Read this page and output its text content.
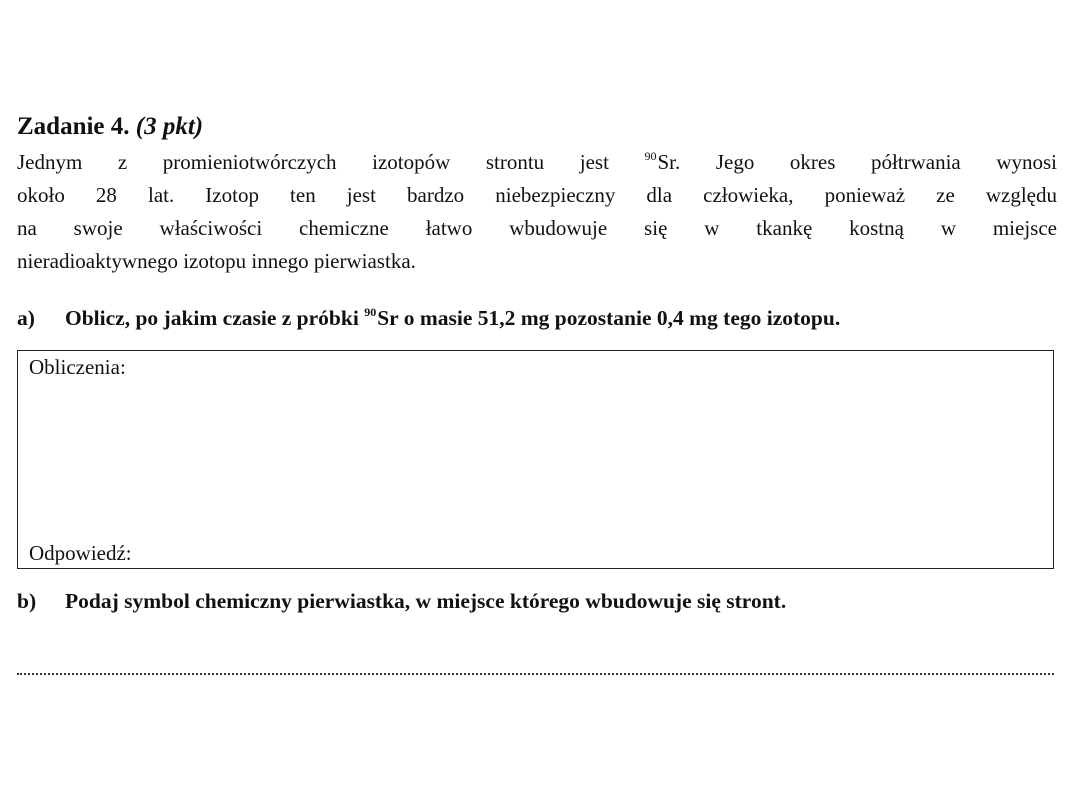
Zadanie 4. (3 pkt)
Jednym z promieniotwórczych izotopów strontu jest	$^{90}$Sr. Jego okres półtrwania wynosi
około 28 lat. Izotop ten jest bardzo niebezpieczny dla człowieka, ponieważ ze względu
na swoje właściwości chemiczne łatwo wbudowuje się w tkankę kostną w miejsce
nieradioaktywnego izotopu innego pierwiastka.
a)	Oblicz, po jakim czasie z próbki $^{90}$Sr o masie 51,2 mg pozostanie 0,4 mg tego izotopu.
Obliczenia:
Odpowiedź:
b)	Podaj symbol chemiczny pierwiastka, w miejsce którego wbudowuje się stront.
